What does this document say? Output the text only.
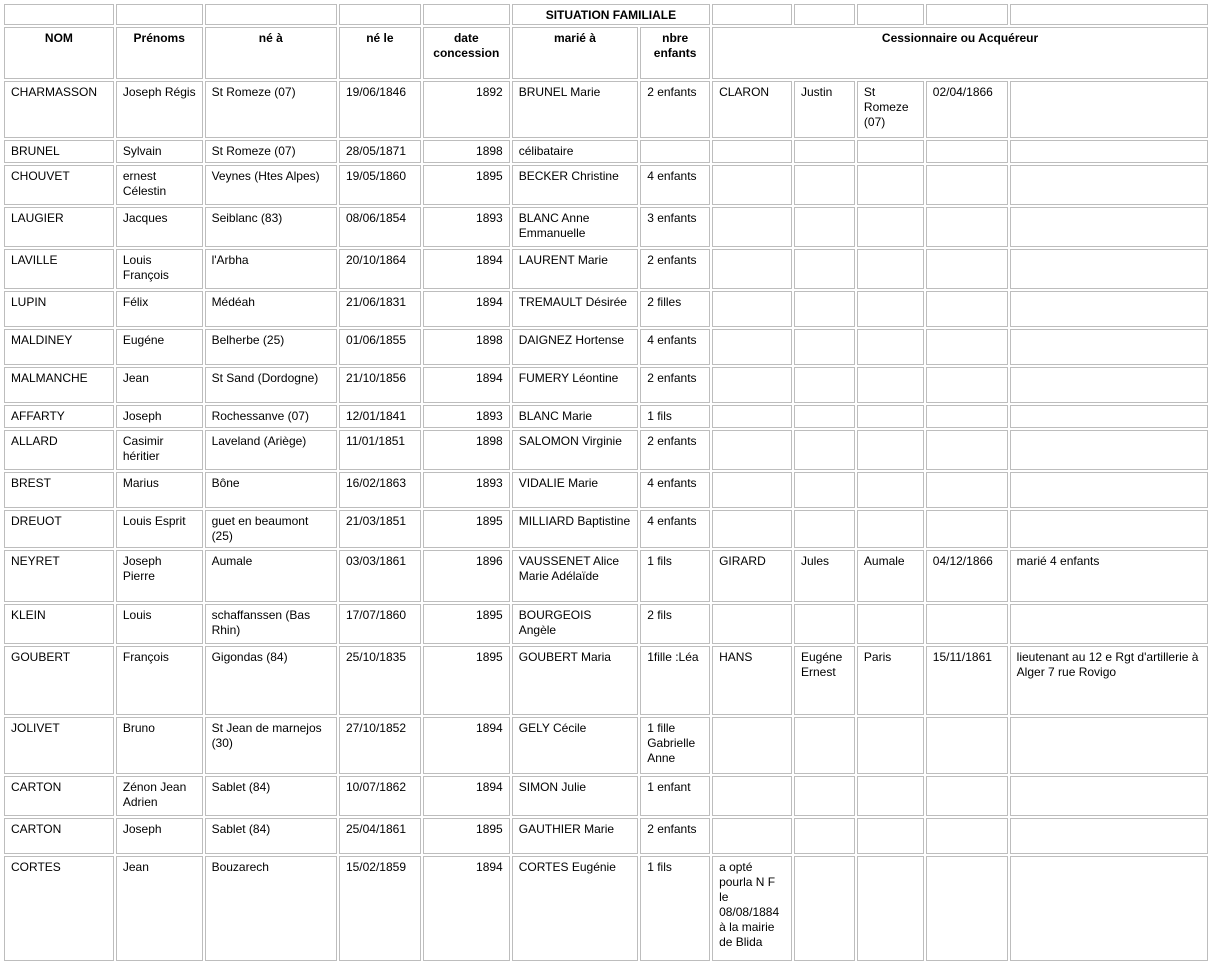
					SITUATION FAMILIALE						
NOM	Prénoms	né à	né le	date concession	marié à	nbre enfants	Cessionnaire ou Acquéreur				
CHARMASSON	Joseph Régis	St Romeze (07)	19/06/1846	1892	BRUNEL Marie	2 enfants	CLARON	Justin	St Romeze (07)	02/04/1866	
BRUNEL	Sylvain	St Romeze (07)	28/05/1871	1898	célibataire						
CHOUVET	ernest Célestin	Veynes (Htes Alpes)	19/05/1860	1895	BECKER Christine	4 enfants					
LAUGIER	Jacques	Seiblanc (83)	08/06/1854	1893	BLANC Anne Emmanuelle	3 enfants					
LAVILLE	Louis François	l'Arbha	20/10/1864	1894	LAURENT Marie	2 enfants					
LUPIN	Félix	Médéah	21/06/1831	1894	TREMAULT Désirée	2 filles					
MALDINEY	Eugéne	Belherbe (25)	01/06/1855	1898	DAIGNEZ Hortense	4 enfants					
MALMANCHE	Jean	St Sand (Dordogne)	21/10/1856	1894	FUMERY Léontine	2 enfants					
AFFARTY	Joseph	Rochessanve (07)	12/01/1841	1893	BLANC Marie	1 fils					
ALLARD	Casimir héritier	Laveland (Ariège)	11/01/1851	1898	SALOMON Virginie	2 enfants					
BREST	Marius	Bône	16/02/1863	1893	VIDALIE Marie	4 enfants					
DREUOT	Louis Esprit	guet en beaumont (25)	21/03/1851	1895	MILLIARD Baptistine	4 enfants					
NEYRET	Joseph Pierre	Aumale	03/03/1861	1896	VAUSSENET Alice Marie Adélaïde	1 fils	GIRARD	Jules	Aumale	04/12/1866	marié 4 enfants
KLEIN	Louis	schaffanssen (Bas Rhin)	17/07/1860	1895	BOURGEOIS Angèle	2 fils					
GOUBERT	François	Gigondas (84)	25/10/1835	1895	GOUBERT Maria	1fille :Léa	HANS	Eugéne Ernest	Paris	15/11/1861	lieutenant au 12 e Rgt d'artillerie à Alger 7 rue Rovigo
JOLIVET	Bruno	St Jean de marnejos (30)	27/10/1852	1894	GELY Cécile	1 fille Gabrielle Anne					
CARTON	Zénon Jean Adrien	Sablet (84)	10/07/1862	1894	SIMON Julie	1 enfant					
CARTON	Joseph	Sablet (84)	25/04/1861	1895	GAUTHIER Marie	2 enfants					
CORTES	Jean	Bouzarech	15/02/1859	1894	CORTES Eugénie	1 fils	a opté pourla N F le 08/08/1884 à la mairie de Blida				
